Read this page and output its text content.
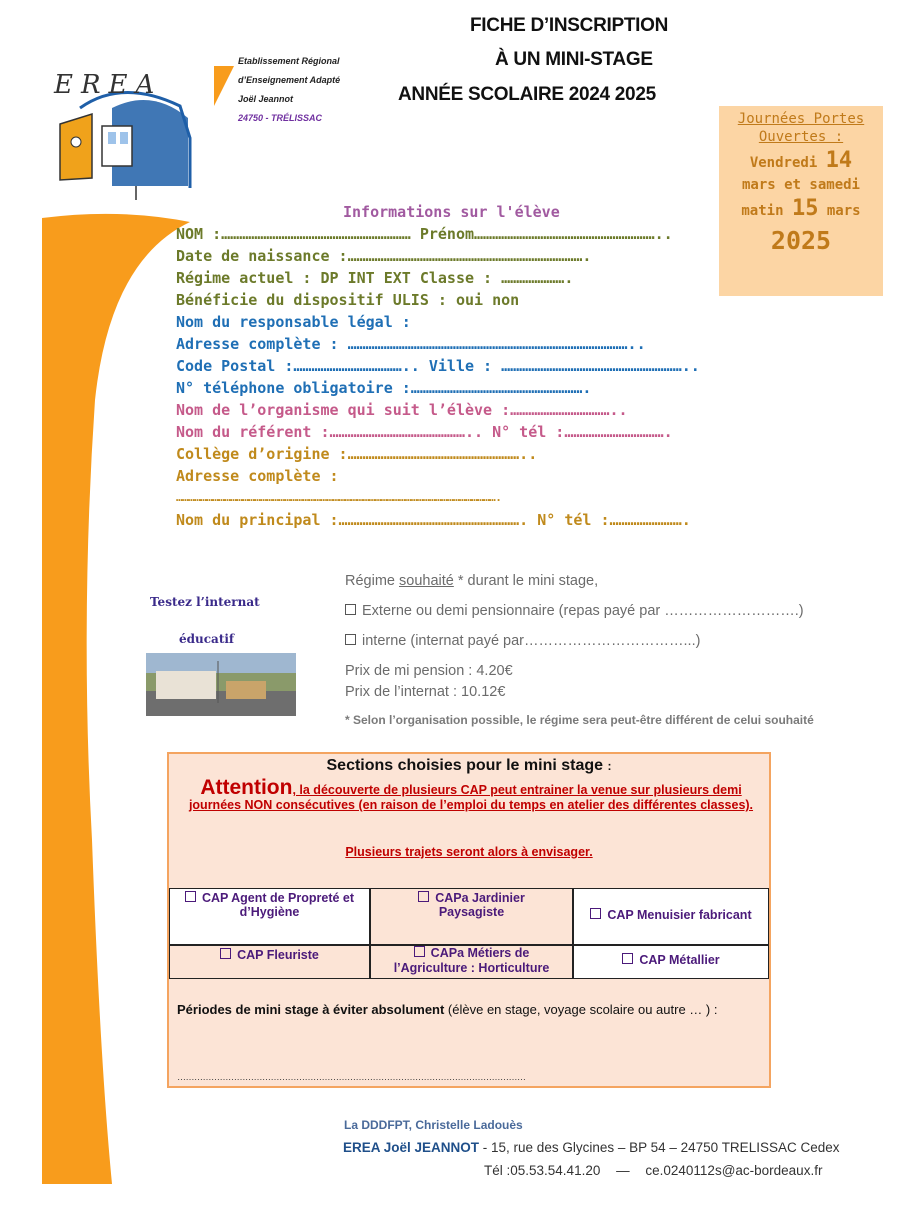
EREA
Etablissement Régional
d’Enseignement Adapté
Joël Jeannot
24750 - TRÉLISSAC
FICHE D’INSCRIPTION
À UN MINI-STAGE
ANNÉE SCOLAIRE 2024 2025
Journées Portes
Ouvertes :
Vendredi 14
mars et samedi
matin 15 mars
2025
Informations sur l'élève
NOM :……………………………………………………… Prénom……………………………………………………..
Date de naissance :…………………………………………………………………….
Régime actuel : DP INT EXT Classe : ………………….
Bénéficie du dispositif ULIS : oui non
Nom du responsable légal :
Adresse complète : …………………………………………………………………………………..
Code Postal :……………………………….. Ville : ……………………………………………………..
N° téléphone obligatoire :………………………………………………….
Nom de l’organisme qui suit l’élève :……………………………..
Nom du référent :……………………………………….. N° tél :…………………………….
Collège d’origine :…………………………………………………..
Adresse complète :
…………………………………………………………………………………………………………………………………………….
Nom du principal :……………………………………………………. N° tél :…………………….
Testez l’internat
éducatif
Régime souhaité * durant le mini stage,
Externe ou demi pensionnaire (repas payé par ……………………….)
interne (internat payé par……………………………...)
Prix de mi pension : 4.20€
Prix de l’internat : 10.12€
* Selon l’organisation possible, le régime sera peut-être différent de celui souhaité
Sections choisies pour le mini stage :
Attention, la découverte de plusieurs CAP peut entrainer la venue sur plusieurs demi journées NON consécutives (en raison de l’emploi du temps en atelier des différentes classes).
Plusieurs trajets seront alors à envisager.
CAP Agent de Propreté et d’Hygiène
CAPa Jardinier Paysagiste	CAP Menuisier fabricant
CAP Fleuriste	CAPa Métiers de l’Agriculture : Horticulture
CAP Métallier
Périodes de mini stage à éviter absolument (élève en stage, voyage scolaire ou autre … ) :
……………………………………………………………………………………………………………
La DDDFPT, Christelle Ladouès
EREA Joël JEANNOT - 15, rue des Glycines – BP 54 – 24750 TRELISSAC Cedex
Tél :05.53.54.41.20 — ce.0240112s@ac-bordeaux.fr
